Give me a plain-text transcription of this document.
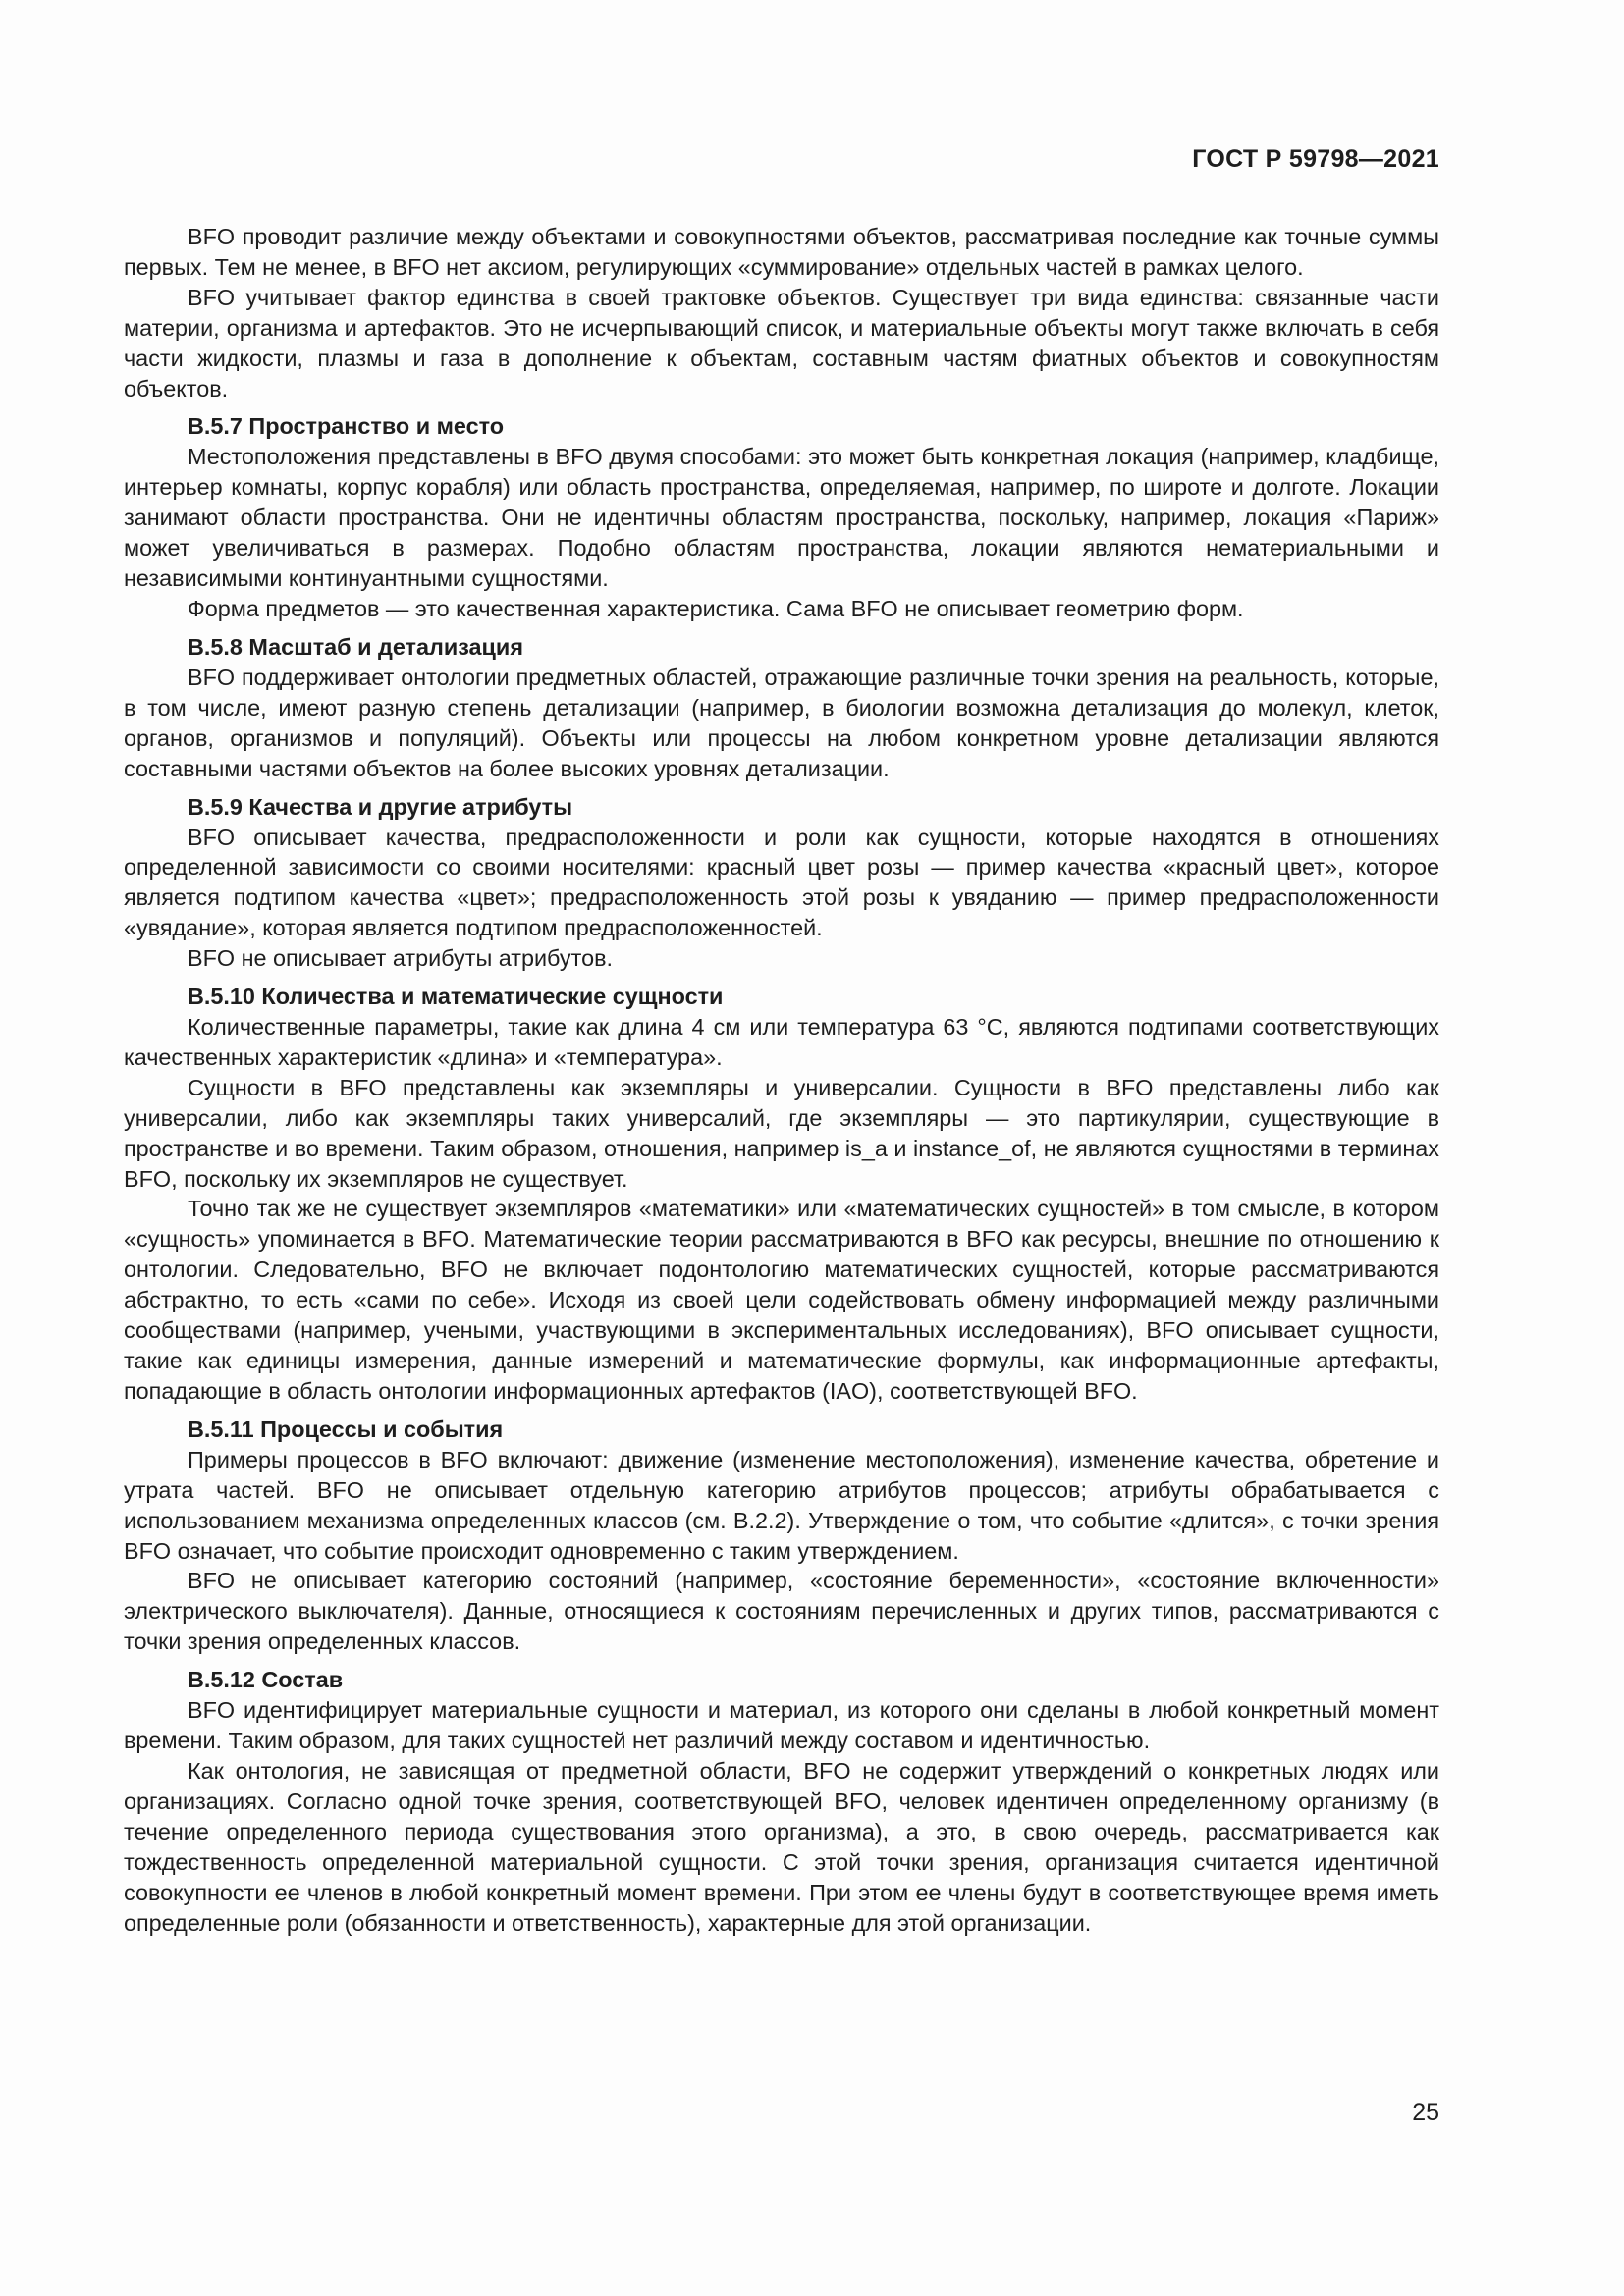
ГОСТ Р 59798—2021

BFO проводит различие между объектами и совокупностями объектов, рассматривая последние как точные суммы первых. Тем не менее, в BFO нет аксиом, регулирующих «суммирование» отдельных частей в рамках целого.

BFO учитывает фактор единства в своей трактовке объектов. Существует три вида единства: связанные части материи, организма и артефактов. Это не исчерпывающий список, и материальные объекты могут также включать в себя части жидкости, плазмы и газа в дополнение к объектам, составным частям фиатных объектов и совокупностям объектов.

В.5.7 Пространство и место

Местоположения представлены в BFO двумя способами: это может быть конкретная локация (например, кладбище, интерьер комнаты, корпус корабля) или область пространства, определяемая, например, по широте и долготе. Локации занимают области пространства. Они не идентичны областям пространства, поскольку, например, локация «Париж» может увеличиваться в размерах. Подобно областям пространства, локации являются нематериальными и независимыми континуантными сущностями.

Форма предметов — это качественная характеристика. Сама BFO не описывает геометрию форм.

В.5.8 Масштаб и детализация

BFO поддерживает онтологии предметных областей, отражающие различные точки зрения на реальность, которые, в том числе, имеют разную степень детализации (например, в биологии возможна детализация до молекул, клеток, органов, организмов и популяций). Объекты или процессы на любом конкретном уровне детализации являются составными частями объектов на более высоких уровнях детализации.

В.5.9 Качества и другие атрибуты

BFO описывает качества, предрасположенности и роли как сущности, которые находятся в отношениях определенной зависимости со своими носителями: красный цвет розы — пример качества «красный цвет», которое является подтипом качества «цвет»; предрасположенность этой розы к увяданию — пример предрасположенности «увядание», которая является подтипом предрасположенностей.

BFO не описывает атрибуты атрибутов.

В.5.10 Количества и математические сущности

Количественные параметры, такие как длина 4 см или температура 63 °С, являются подтипами соответствующих качественных характеристик «длина» и «температура».

Сущности в BFO представлены как экземпляры и универсалии. Сущности в BFO представлены либо как универсалии, либо как экземпляры таких универсалий, где экземпляры — это партикулярии, существующие в пространстве и во времени. Таким образом, отношения, например is_a и instance_of, не являются сущностями в терминах BFO, поскольку их экземпляров не существует.

Точно так же не существует экземпляров «математики» или «математических сущностей» в том смысле, в котором «сущность» упоминается в BFO. Математические теории рассматриваются в BFO как ресурсы, внешние по отношению к онтологии. Следовательно, BFO не включает подонтологию математических сущностей, которые рассматриваются абстрактно, то есть «сами по себе». Исходя из своей цели содействовать обмену информацией между различными сообществами (например, учеными, участвующими в экспериментальных исследованиях), BFO описывает сущности, такие как единицы измерения, данные измерений и математические формулы, как информационные артефакты, попадающие в область онтологии информационных артефактов (IAO), соответствующей BFO.

В.5.11 Процессы и события

Примеры процессов в BFO включают: движение (изменение местоположения), изменение качества, обретение и утрата частей. BFO не описывает отдельную категорию атрибутов процессов; атрибуты обрабатывается с использованием механизма определенных классов (см. В.2.2). Утверждение о том, что событие «длится», с точки зрения BFO означает, что событие происходит одновременно с таким утверждением.

BFO не описывает категорию состояний (например, «состояние беременности», «состояние включенности» электрического выключателя). Данные, относящиеся к состояниям перечисленных и других типов, рассматриваются с точки зрения определенных классов.

В.5.12 Состав

BFO идентифицирует материальные сущности и материал, из которого они сделаны в любой конкретный момент времени. Таким образом, для таких сущностей нет различий между составом и идентичностью.

Как онтология, не зависящая от предметной области, BFO не содержит утверждений о конкретных людях или организациях. Согласно одной точке зрения, соответствующей BFO, человек идентичен определенному организму (в течение определенного периода существования этого организма), а это, в свою очередь, рассматривается как тождественность определенной материальной сущности. С этой точки зрения, организация считается идентичной совокупности ее членов в любой конкретный момент времени. При этом ее члены будут в соответствующее время иметь определенные роли (обязанности и ответственность), характерные для этой организации.

25
